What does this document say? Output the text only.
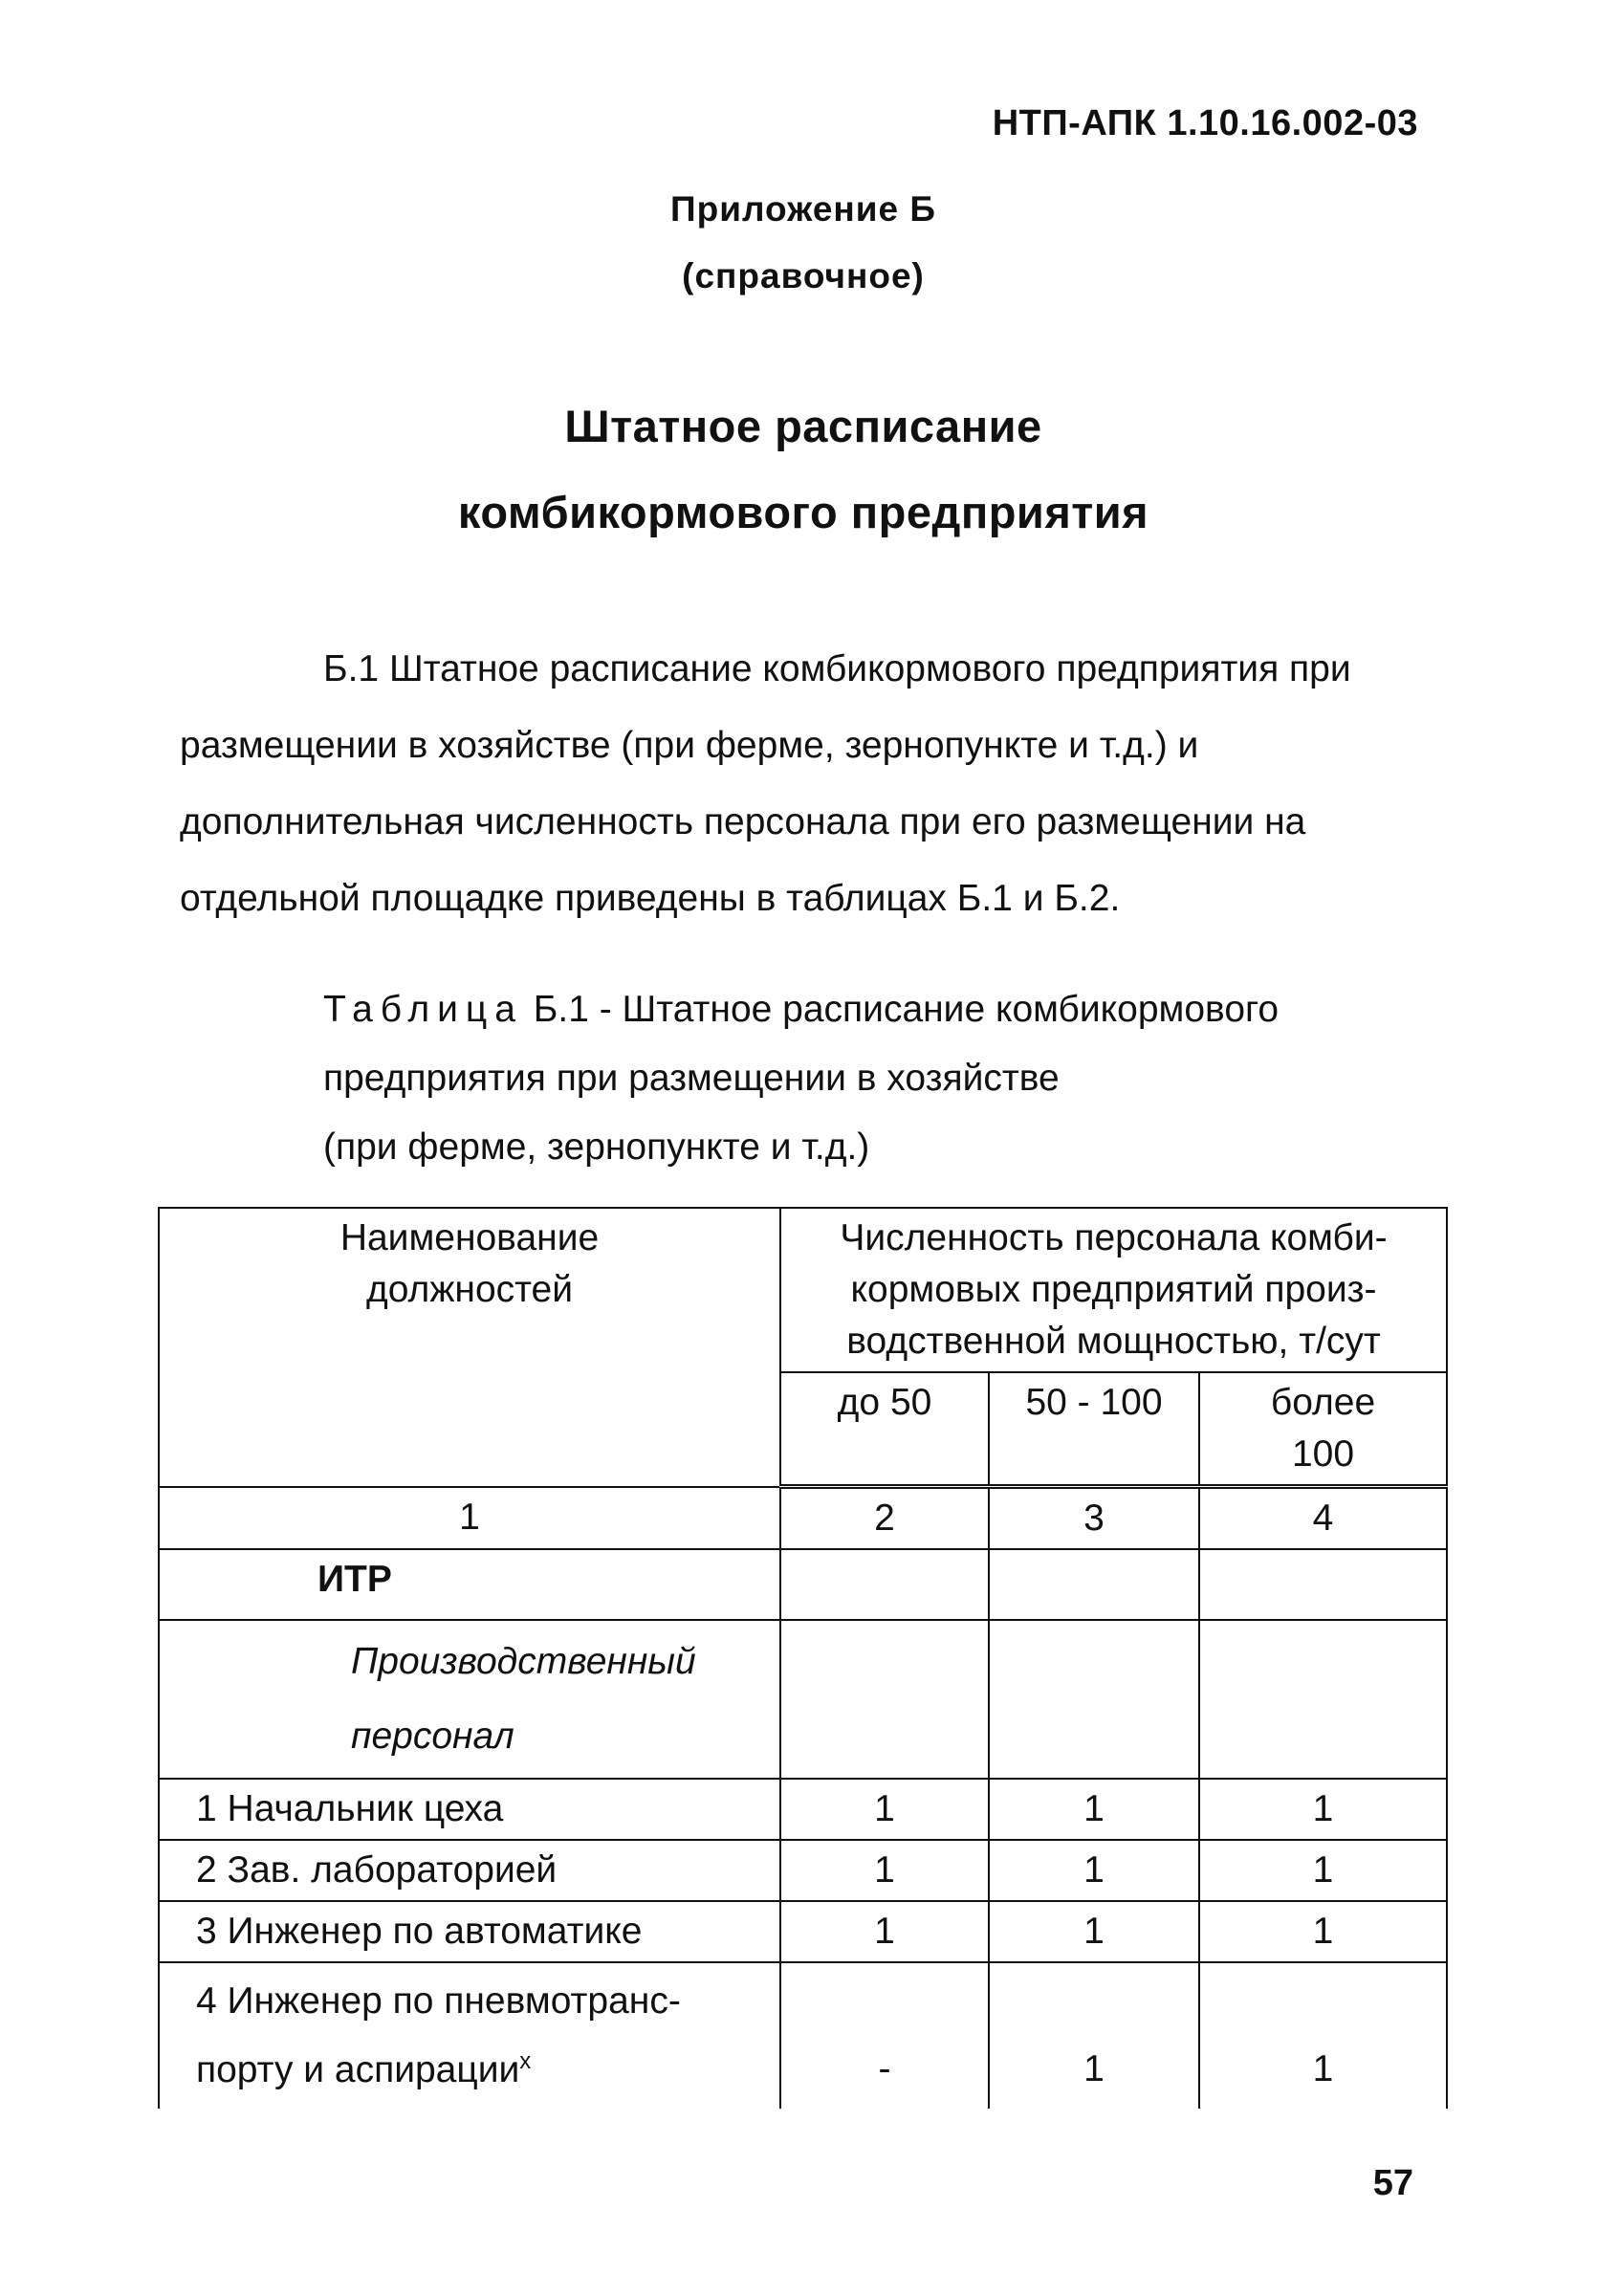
НТП-АПК 1.10.16.002-03
Приложение Б
(справочное)
Штатное расписание
комбикормового предприятия
Б.1 Штатное расписание комбикормового предприятия при размещении в хозяйстве (при ферме, зернопункте и т.д.) и дополнительная численность персонала при его размещении на отдельной площадке приведены в таблицах Б.1 и Б.2.
Таблица Б.1 - Штатное расписание комбикормового предприятия при размещении в хозяйстве
(при ферме, зернопункте и т.д.)
Наименование должностей	Численность персонала комби-кормовых предприятий произ-водственной мощностью, т/сут		
	до 50	50 - 100	более 100
1	2	3	4
ИТР			
Производственный персонал			
1 Начальник цеха	1	1	1
2 Зав. лабораторией	1	1	1
3 Инженер по автоматике	1	1	1
4 Инженер по пневмотранс-порту и аспирации$^x$	-	1	1
57
